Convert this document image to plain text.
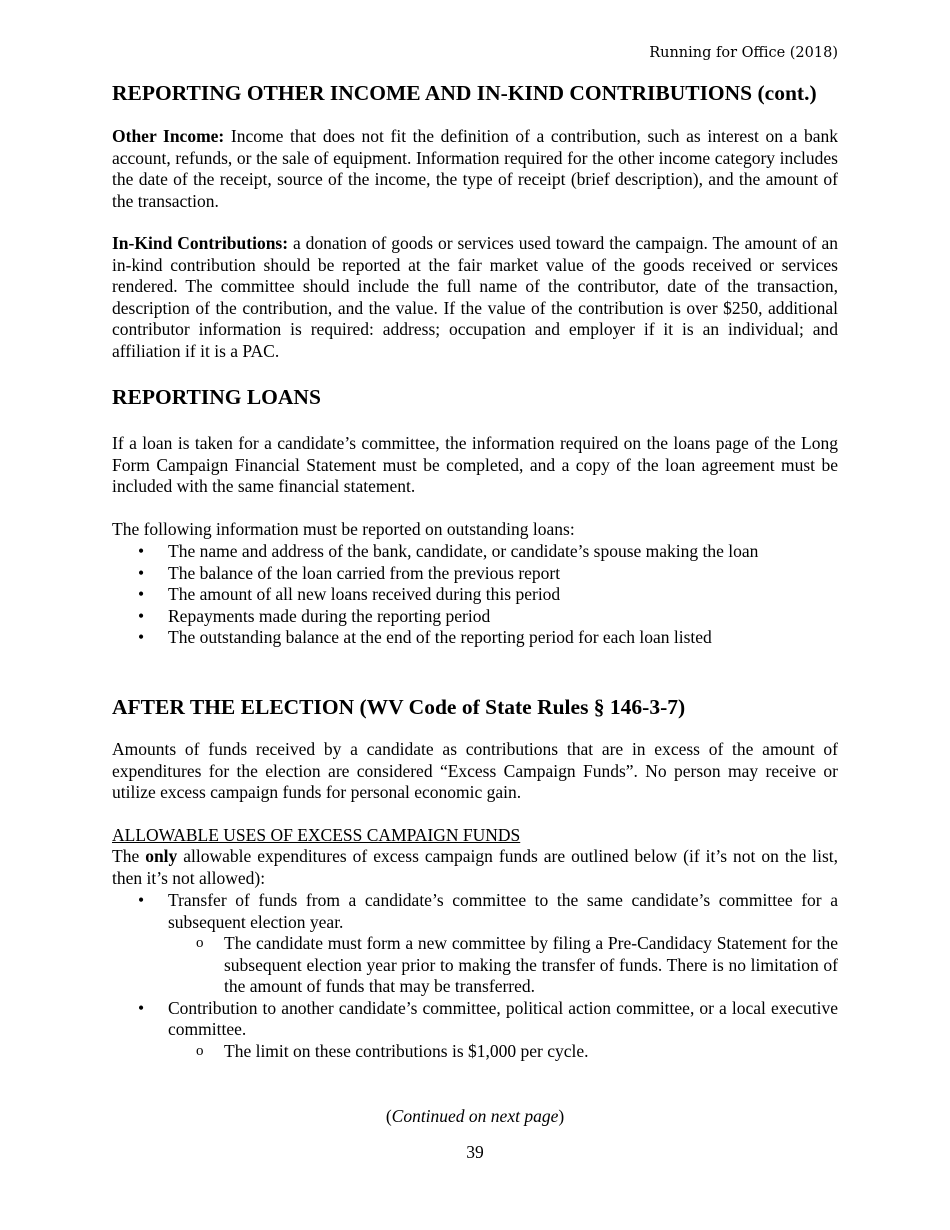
Running for Office (2018)
REPORTING OTHER INCOME AND IN-KIND CONTRIBUTIONS (cont.)

Other Income: Income that does not fit the definition of a contribution, such as interest on a bank account, refunds, or the sale of equipment. Information required for the other income category includes the date of the receipt, source of the income, the type of receipt (brief description), and the amount of the transaction.

In-Kind Contributions: a donation of goods or services used toward the campaign. The amount of an in-kind contribution should be reported at the fair market value of the goods received or services rendered. The committee should include the full name of the contributor, date of the transaction, description of the contribution, and the value. If the value of the contribution is over $250, additional contributor information is required: address; occupation and employer if it is an individual; and affiliation if it is a PAC.

REPORTING LOANS

If a loan is taken for a candidate’s committee, the information required on the loans page of the Long Form Campaign Financial Statement must be completed, and a copy of the loan agreement must be included with the same financial statement.

The following information must be reported on outstanding loans:

• The name and address of the bank, candidate, or candidate’s spouse making the loan
• The balance of the loan carried from the previous report
• The amount of all new loans received during this period
• Repayments made during the reporting period
• The outstanding balance at the end of the reporting period for each loan listed
AFTER THE ELECTION (WV Code of State Rules § 146-3-7)

Amounts of funds received by a candidate as contributions that are in excess of the amount of expenditures for the election are considered “Excess Campaign Funds”. No person may receive or utilize excess campaign funds for personal economic gain.

ALLOWABLE USES OF EXCESS CAMPAIGN FUNDS

The only allowable expenditures of excess campaign funds are outlined below (if it’s not on the list, then it’s not allowed):

• Transfer of funds from a candidate’s committee to the same candidate’s committee for a subsequent election year.
o The candidate must form a new committee by filing a Pre-Candidacy Statement for the subsequent election year prior to making the transfer of funds. There is no limitation of the amount of funds that may be transferred.
• Contribution to another candidate’s committee, political action committee, or a local executive committee.
o The limit on these contributions is $1,000 per cycle.
(Continued on next page)
39
